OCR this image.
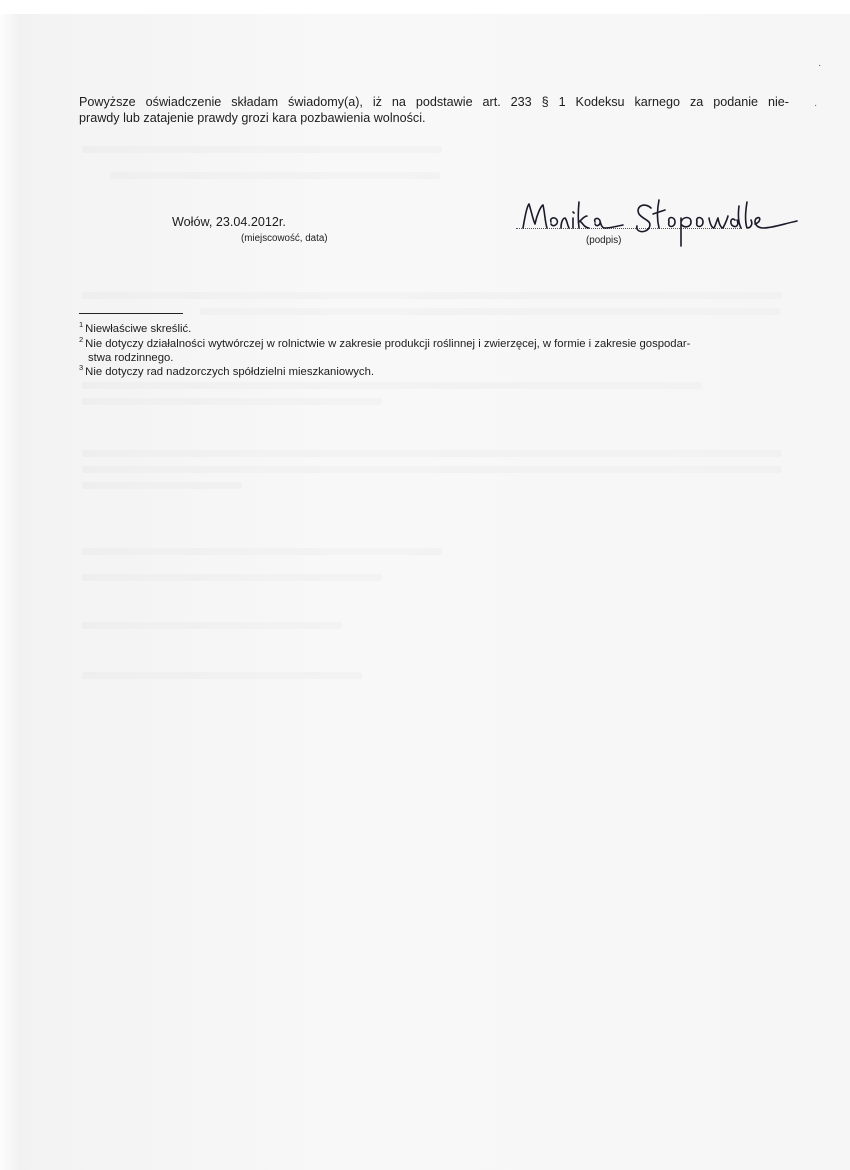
Powyższe oświadczenie składam świadomy(a), iż na podstawie art. 233 § 1 Kodeksu karnego za podanie nie-
prawdy lub zatajenie prawdy grozi kara pozbawienia wolności.
Wołów, 23.04.2012r.
(miejscowość, data)	(podpis)
$^1$ Niewłaściwe skreślić.
$^2$ Nie dotyczy działalności wytwórczej w rolnictwie w zakresie produkcji roślinnej i zwierzęcej, w formie i zakresie gospodar-
stwa rodzinnego.
$^3$ Nie dotyczy rad nadzorczych spółdzielni mieszkaniowych.
·
·
